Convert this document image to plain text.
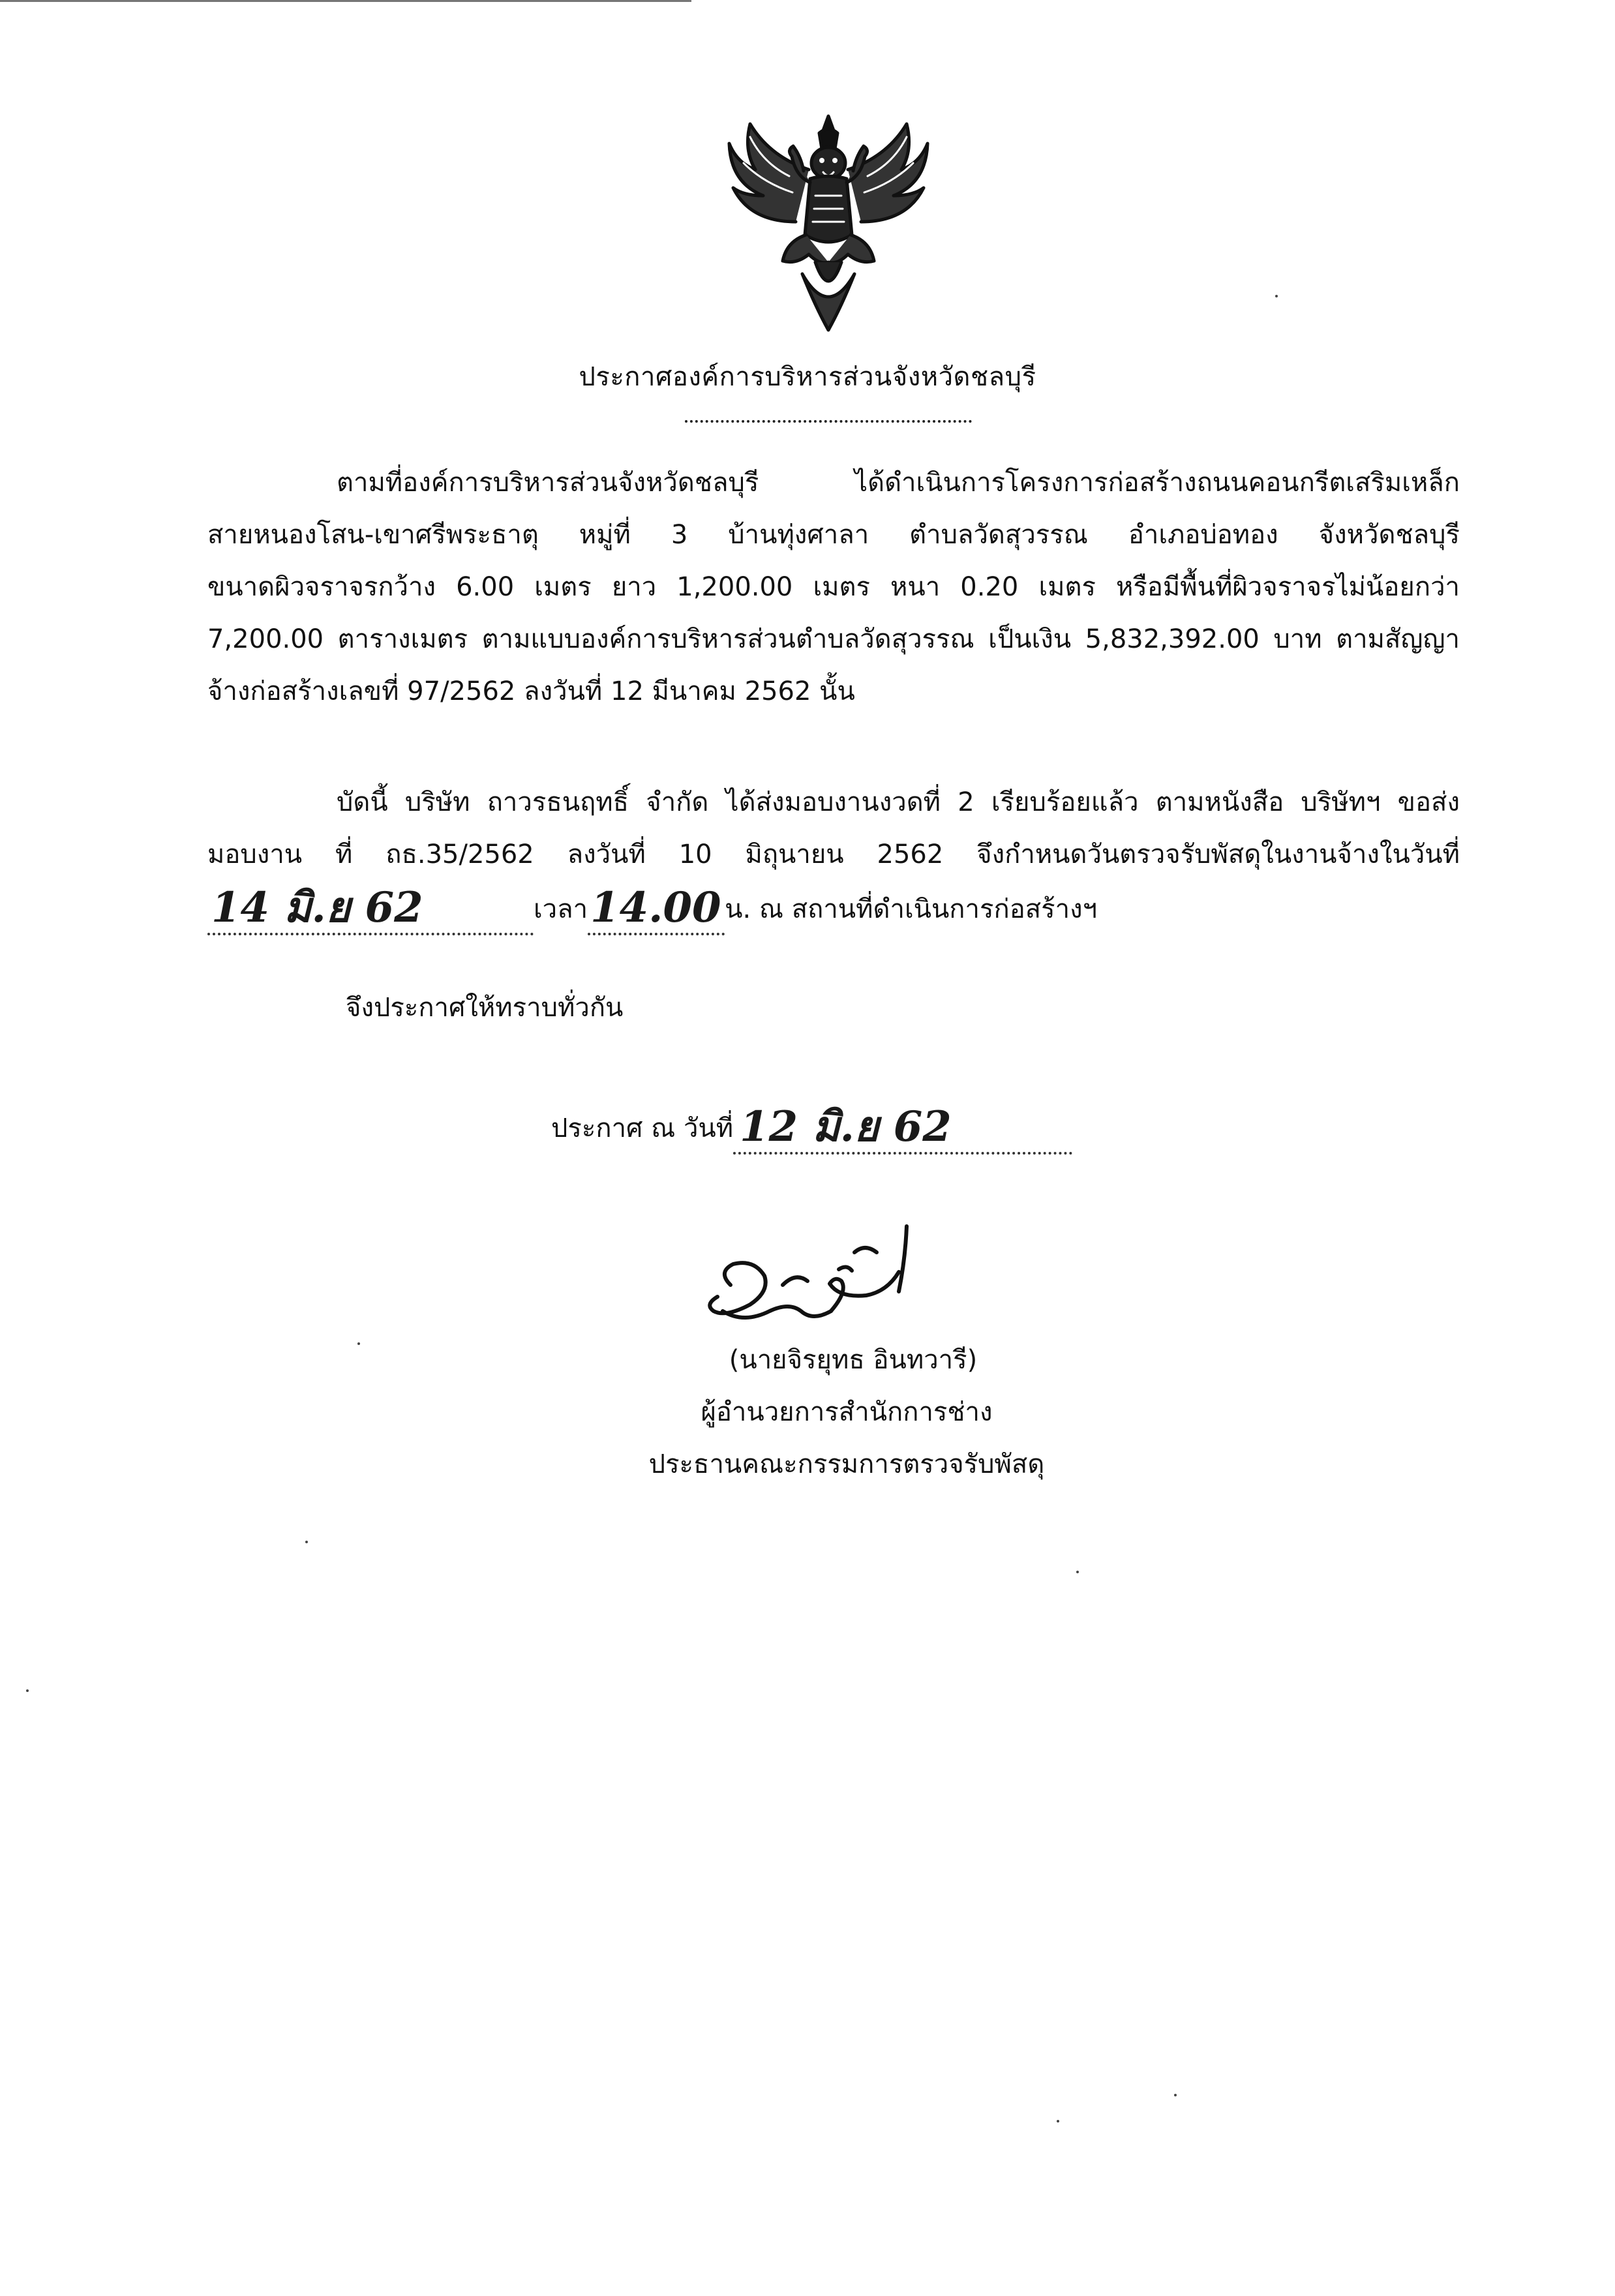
ประกาศองค์การบริหารส่วนจังหวัดชลบุรี
ตามที่องค์การบริหารส่วนจังหวัดชลบุรี ได้ดำเนินการโครงการก่อสร้างถนนคอนกรีตเสริมเหล็ก
สายหนองโสน-เขาศรีพระธาตุ หมู่ที่ 3 บ้านทุ่งศาลา ตำบลวัดสุวรรณ อำเภอบ่อทอง จังหวัดชลบุรี
ขนาดผิวจราจรกว้าง 6.00 เมตร ยาว 1,200.00 เมตร หนา 0.20 เมตร หรือมีพื้นที่ผิวจราจรไม่น้อยกว่า
7,200.00 ตารางเมตร ตามแบบองค์การบริหารส่วนตำบลวัดสุวรรณ เป็นเงิน 5,832,392.00 บาท ตามสัญญา
จ้างก่อสร้างเลขที่ 97/2562 ลงวันที่ 12 มีนาคม 2562 นั้น
บัดนี้ บริษัท ถาวรธนฤทธิ์ จำกัด ได้ส่งมอบงานงวดที่ 2 เรียบร้อยแล้ว ตามหนังสือ บริษัทฯ ขอส่ง
มอบงาน ที่ ถธ.35/2562 ลงวันที่ 10 มิถุนายน 2562 จึงกำหนดวันตรวจรับพัสดุในงานจ้างในวันที่
14 มิ.ย 62	เวลา 14.00 น. ณ สถานที่ดำเนินการก่อสร้างฯ
จึงประกาศให้ทราบทั่วกัน
ประกาศ ณ วันที่ 12 มิ.ย 62
(นายจิรยุทธ อินทวารี)
ผู้อำนวยการสำนักการช่าง
ประธานคณะกรรมการตรวจรับพัสดุ
